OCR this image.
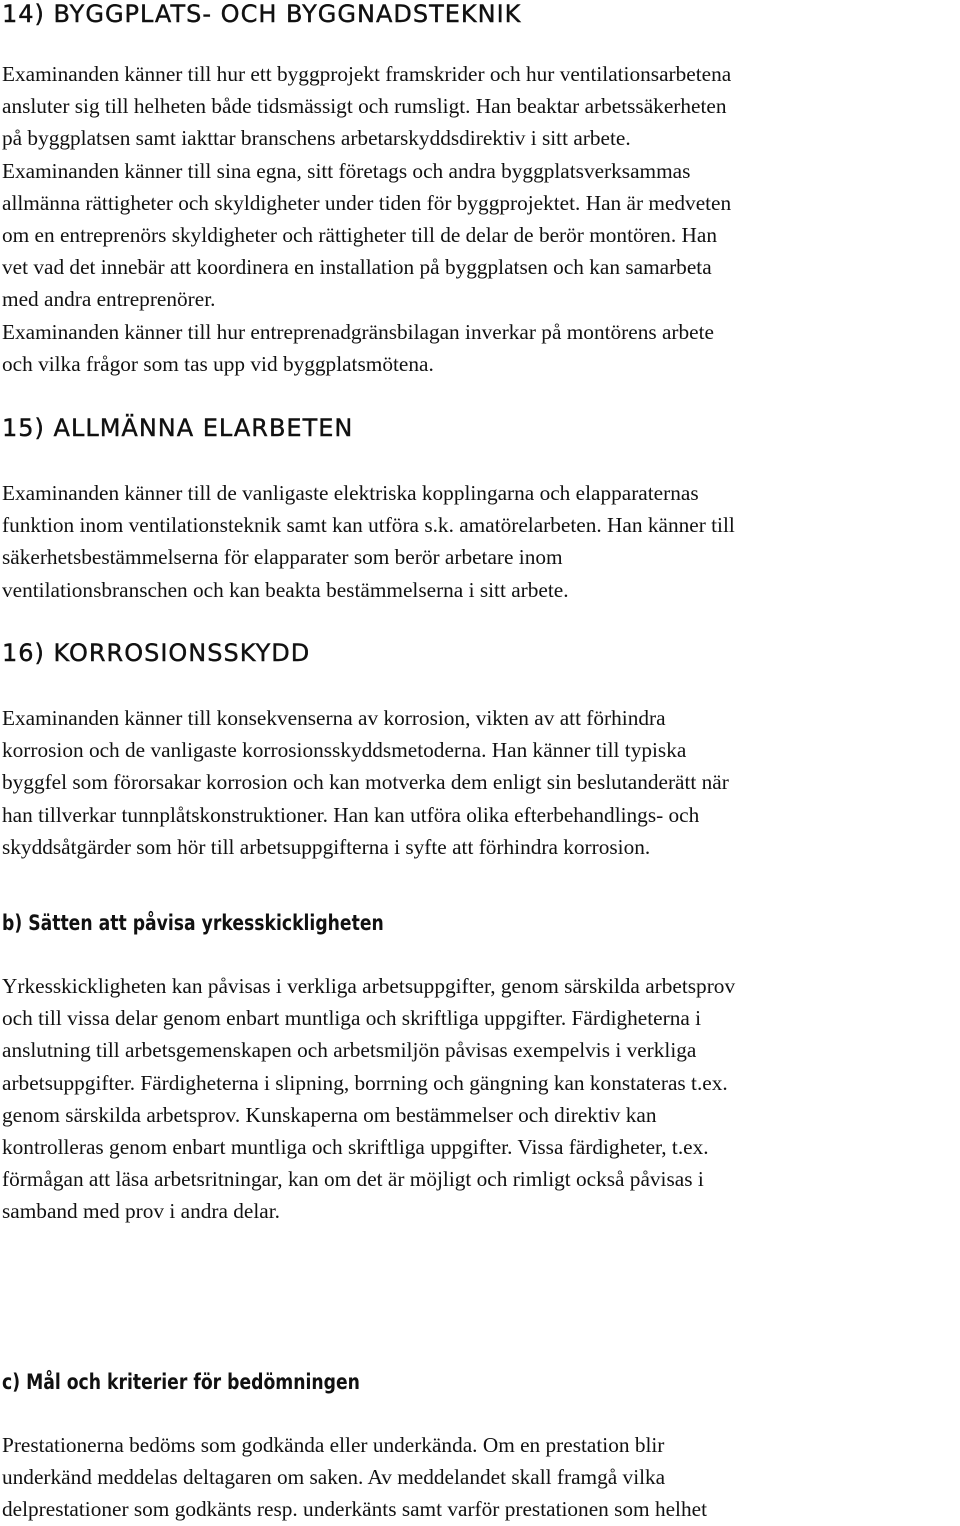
14) BYGGPLATS- OCH BYGGNADSTEKNIK

Examinanden känner till hur ett byggprojekt framskrider och hur ventilationsarbetena
ansluter sig till helheten både tidsmässigt och rumsligt. Han beaktar arbetssäkerheten
på byggplatsen samt iakttar branschens arbetarskyddsdirektiv i sitt arbete.
Examinanden känner till sina egna, sitt företags och andra byggplatsverksammas
allmänna rättigheter och skyldigheter under tiden för byggprojektet. Han är medveten
om en entreprenörs skyldigheter och rättigheter till de delar de berör montören. Han
vet vad det innebär att koordinera en installation på byggplatsen och kan samarbeta
med andra entreprenörer.
Examinanden känner till hur entreprenadgränsbilagan inverkar på montörens arbete
och vilka frågor som tas upp vid byggplatsmötena.

15) ALLMÄNNA ELARBETEN

Examinanden känner till de vanligaste elektriska kopplingarna och elapparaternas
funktion inom ventilationsteknik samt kan utföra s.k. amatörelarbeten. Han känner till
säkerhetsbestämmelserna för elapparater som berör arbetare inom
ventilationsbranschen och kan beakta bestämmelserna i sitt arbete.

16) KORROSIONSSKYDD

Examinanden känner till konsekvenserna av korrosion, vikten av att förhindra
korrosion och de vanligaste korrosionsskyddsmetoderna. Han känner till typiska
byggfel som förorsakar korrosion och kan motverka dem enligt sin beslutanderätt när
han tillverkar tunnplåtskonstruktioner. Han kan utföra olika efterbehandlings- och
skyddsåtgärder som hör till arbetsuppgifterna i syfte att förhindra korrosion.

b) Sätten att påvisa yrkesskickligheten

Yrkesskickligheten kan påvisas i verkliga arbetsuppgifter, genom särskilda arbetsprov
och till vissa delar genom enbart muntliga och skriftliga uppgifter. Färdigheterna i
anslutning till arbetsgemenskapen och arbetsmiljön påvisas exempelvis i verkliga
arbetsuppgifter. Färdigheterna i slipning, borrning och gängning kan konstateras t.ex.
genom särskilda arbetsprov. Kunskaperna om bestämmelser och direktiv kan
kontrolleras genom enbart muntliga och skriftliga uppgifter. Vissa färdigheter, t.ex.
förmågan att läsa arbetsritningar, kan om det är möjligt och rimligt också påvisas i
samband med prov i andra delar.

c) Mål och kriterier för bedömningen

Prestationerna bedöms som godkända eller underkända. Om en prestation blir
underkänd meddelas deltagaren om saken. Av meddelandet skall framgå vilka
delprestationer som godkänts resp. underkänts samt varför prestationen som helhet
